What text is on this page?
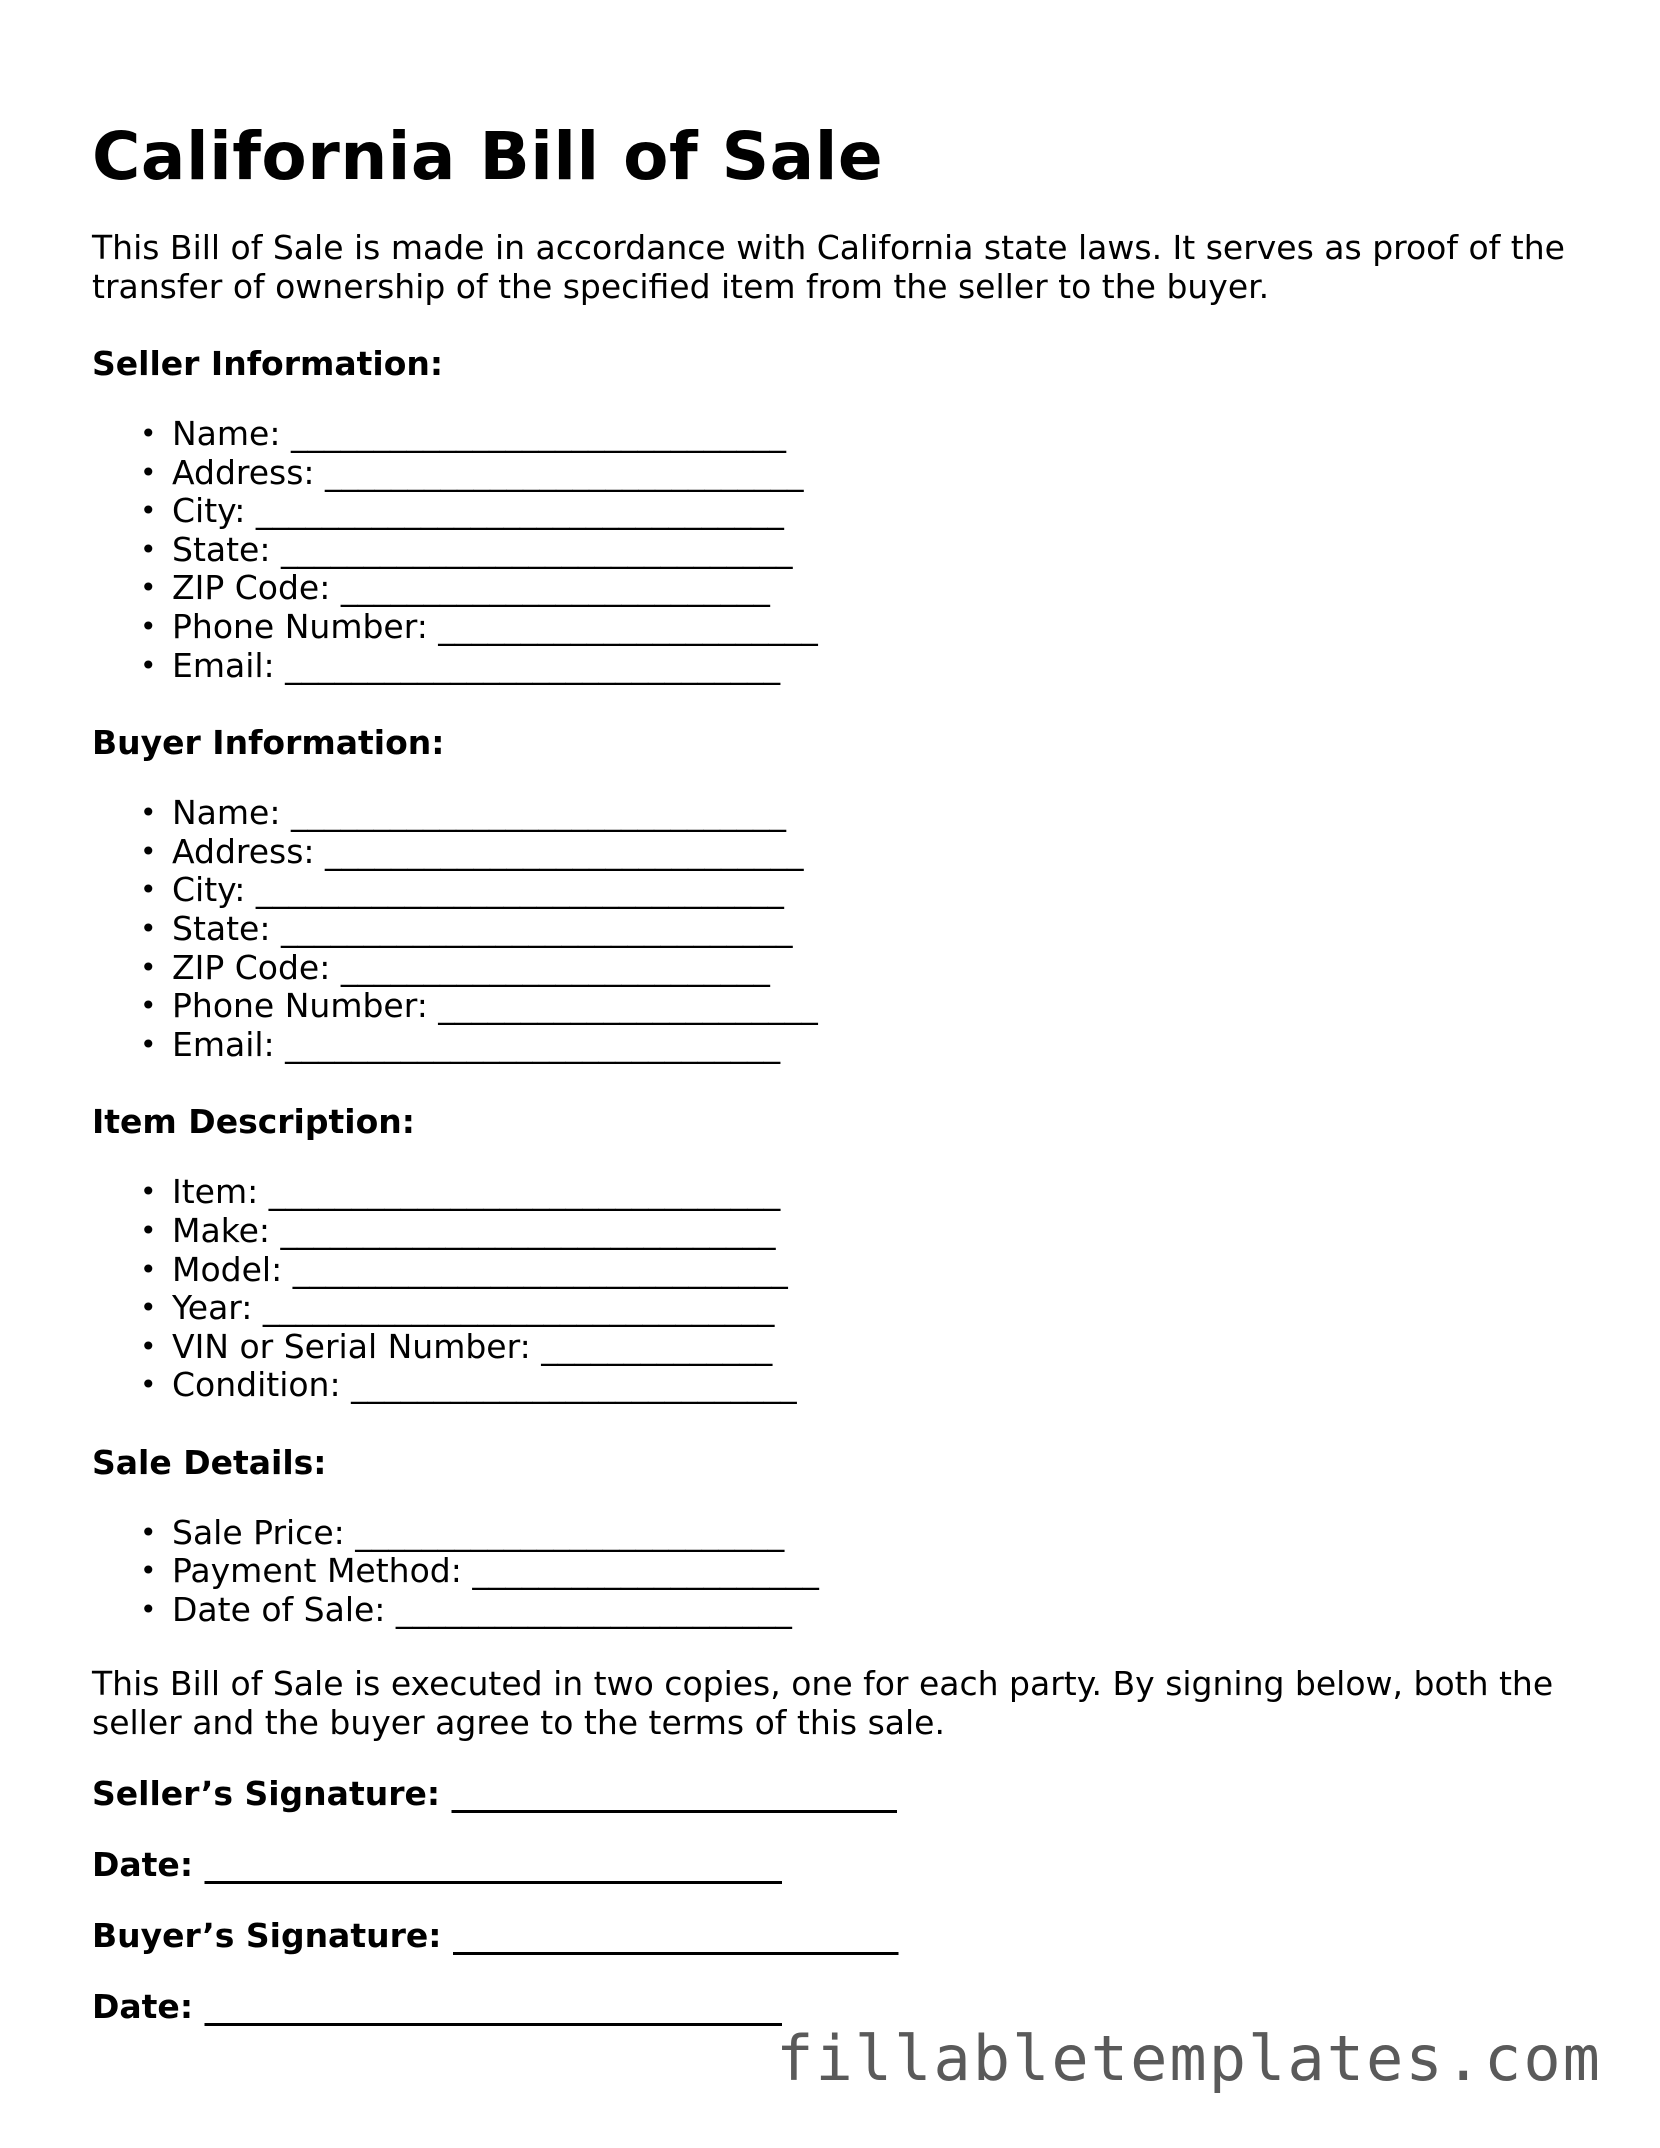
California Bill of Sale

This Bill of Sale is made in accordance with California state laws. It serves as proof of the transfer of ownership of the specified item from the seller to the buyer.

Seller Information:

• Name: ______________________________
• Address: _____________________________
• City: ________________________________
• State: _______________________________
• ZIP Code: __________________________
• Phone Number: _______________________
• Email: ______________________________

Buyer Information:

• Name: ______________________________
• Address: _____________________________
• City: ________________________________
• State: _______________________________
• ZIP Code: __________________________
• Phone Number: _______________________
• Email: ______________________________

Item Description:

• Item: _______________________________
• Make: ______________________________
• Model: ______________________________
• Year: _______________________________
• VIN or Serial Number: ______________
• Condition: ___________________________

Sale Details:

• Sale Price: __________________________
• Payment Method: _____________________
• Date of Sale: ________________________

This Bill of Sale is executed in two copies, one for each party. By signing below, both the seller and the buyer agree to the terms of this sale.

Seller’s Signature: ___________________________

Date: ___________________________________

Buyer’s Signature: ___________________________

Date: ___________________________________

fillabletemplates.com
